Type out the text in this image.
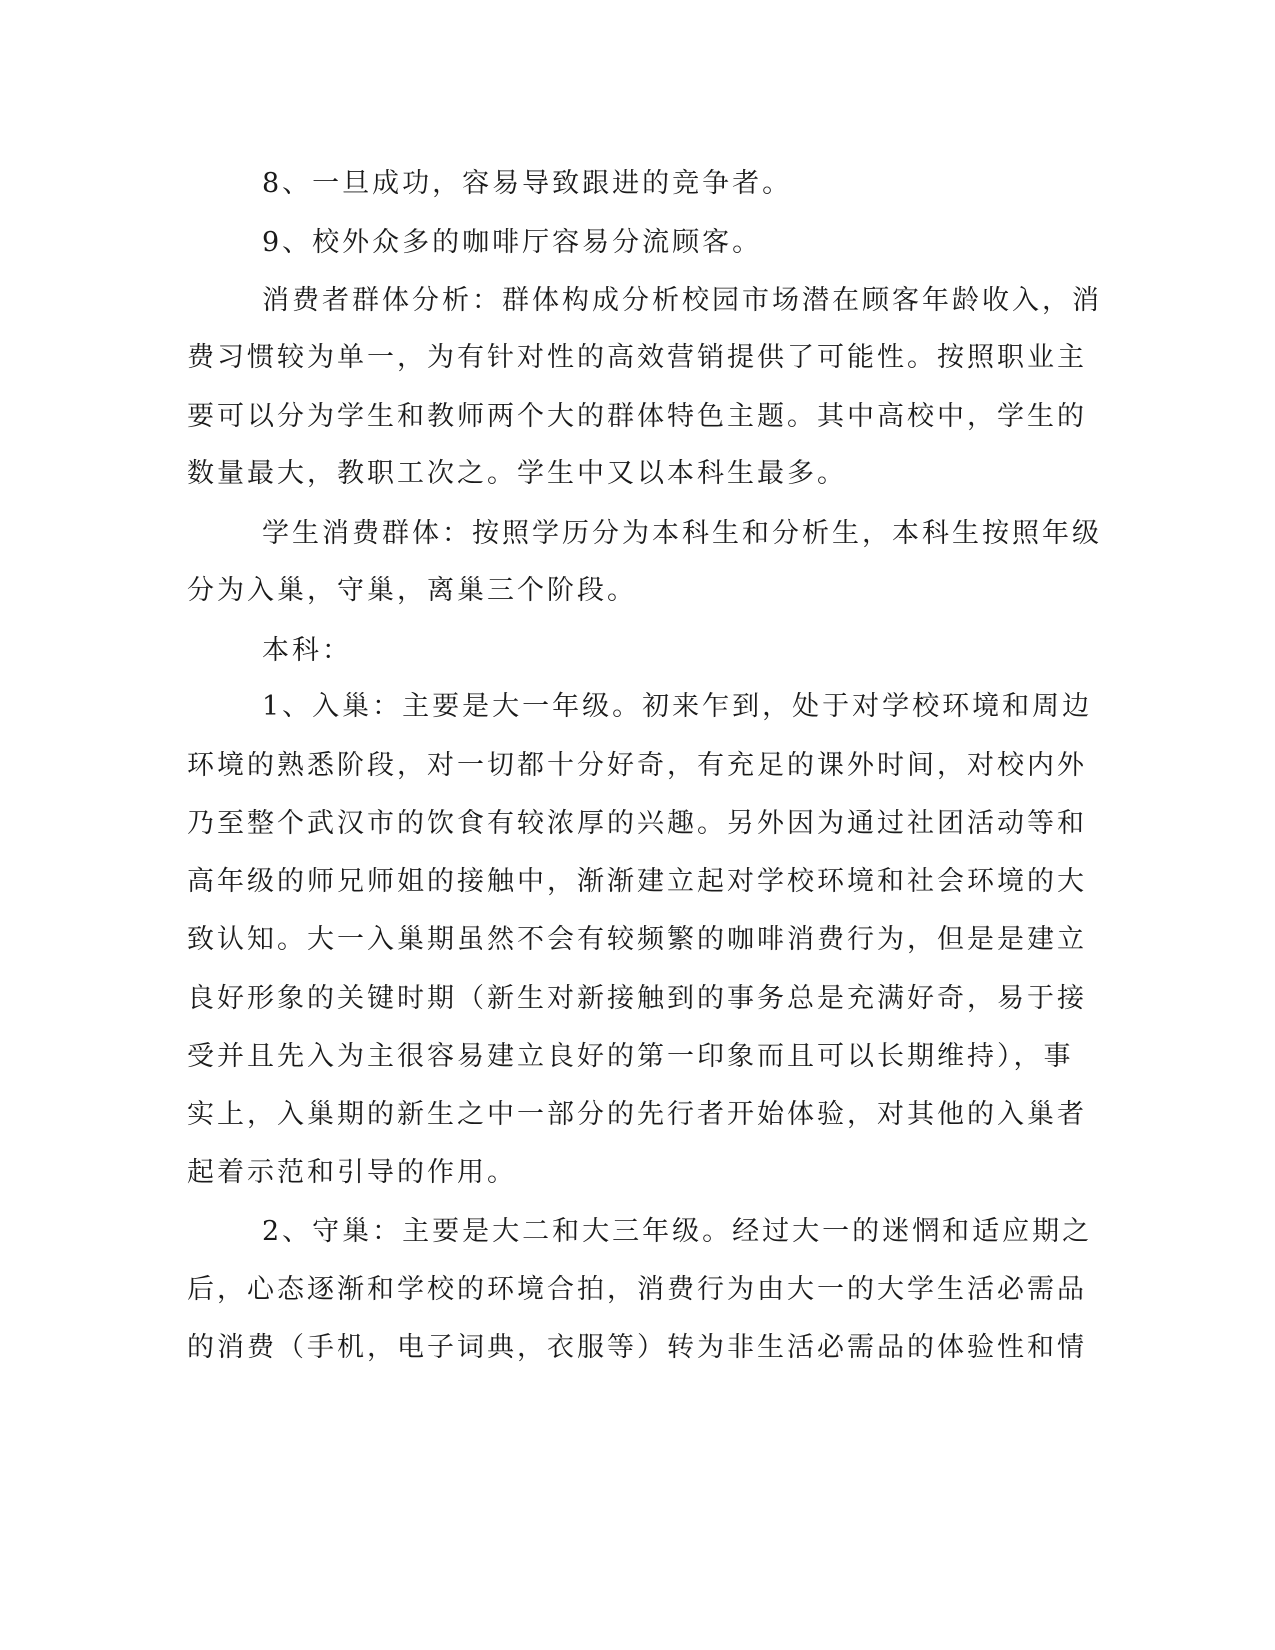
8、一旦成功，容易导致跟进的竞争者。

9、校外众多的咖啡厅容易分流顾客。

消费者群体分析：群体构成分析校园市场潜在顾客年龄收入，消

费习惯较为单一，为有针对性的高效营销提供了可能性。按照职业主

要可以分为学生和教师两个大的群体特色主题。其中高校中，学生的

数量最大，教职工次之。学生中又以本科生最多。

学生消费群体：按照学历分为本科生和分析生，本科生按照年级

分为入巢，守巢，离巢三个阶段。

本科：

1、入巢：主要是大一年级。初来乍到，处于对学校环境和周边

环境的熟悉阶段，对一切都十分好奇，有充足的课外时间，对校内外

乃至整个武汉市的饮食有较浓厚的兴趣。另外因为通过社团活动等和

高年级的师兄师姐的接触中，渐渐建立起对学校环境和社会环境的大

致认知。大一入巢期虽然不会有较频繁的咖啡消费行为，但是是建立

良好形象的关键时期（新生对新接触到的事务总是充满好奇，易于接

受并且先入为主很容易建立良好的第一印象而且可以长期维持），事

实上，入巢期的新生之中一部分的先行者开始体验，对其他的入巢者

起着示范和引导的作用。

2、守巢：主要是大二和大三年级。经过大一的迷惘和适应期之

后，心态逐渐和学校的环境合拍，消费行为由大一的大学生活必需品

的消费（手机，电子词典，衣服等）转为非生活必需品的体验性和情
